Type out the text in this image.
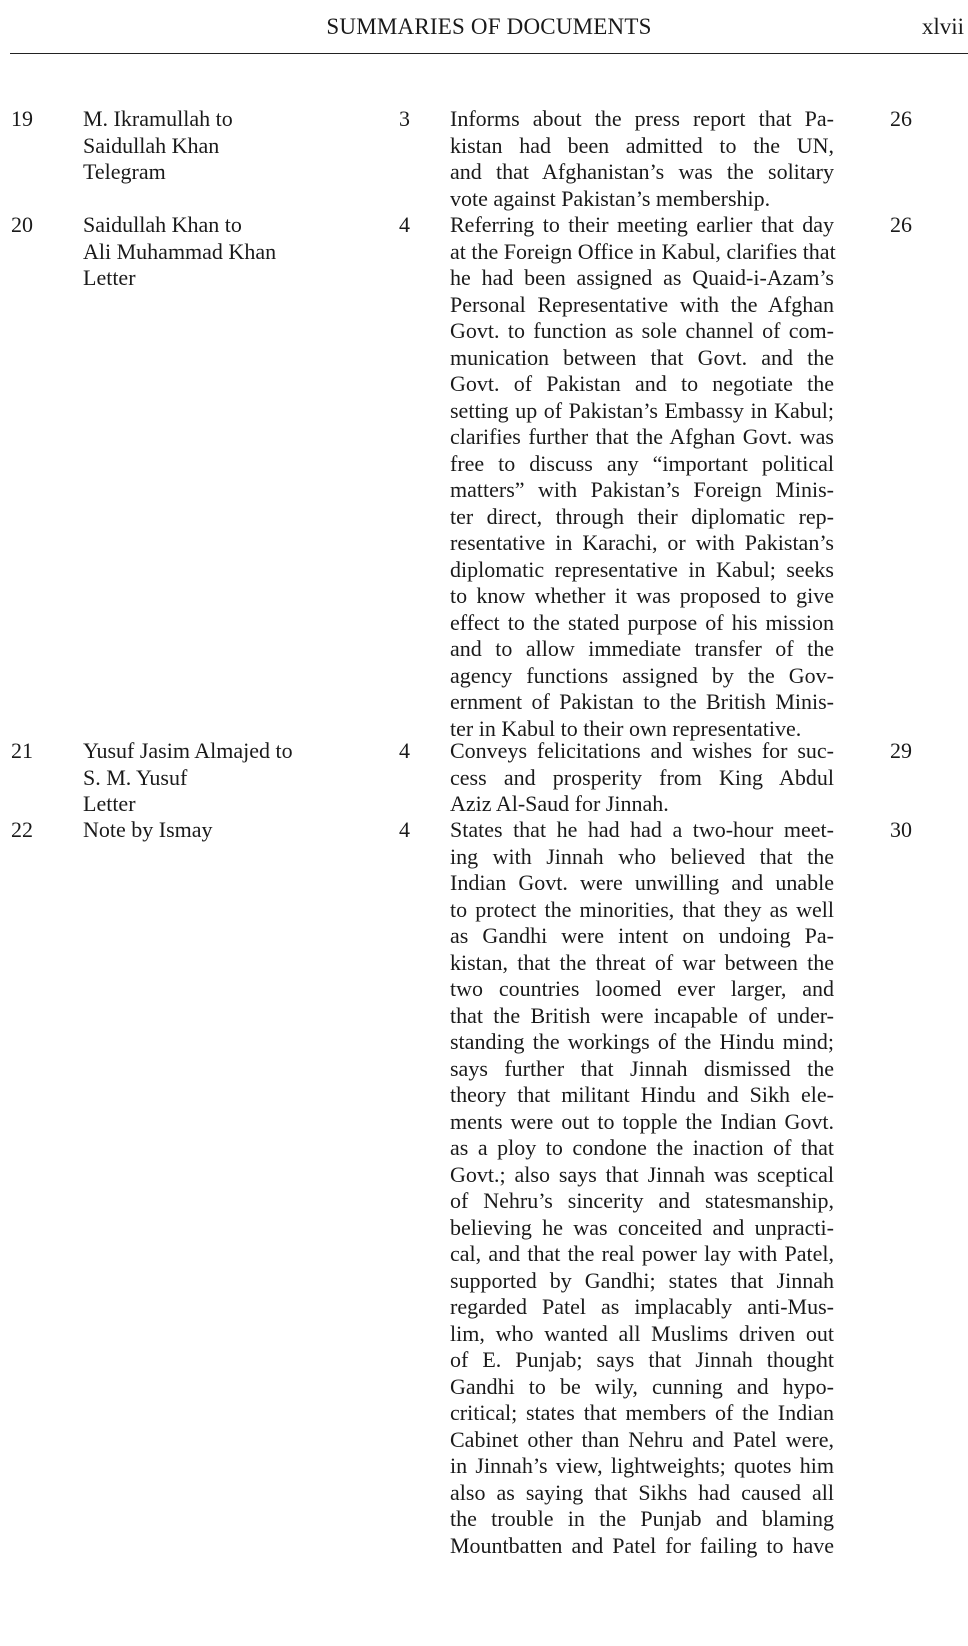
SUMMARIES OF DOCUMENTS	xlvii
19 M. Ikramullah to
Saidullah Khan
Telegram
3 Informs about the press report that Pa-
kistan had been admitted to the UN,
and that Afghanistan’s was the solitary
vote against Pakistan’s membership.
26
20 Saidullah Khan to
Ali Muhammad Khan
Letter
4 Referring to their meeting earlier that day
at the Foreign Office in Kabul, clarifies that
he had been assigned as Quaid-i-Azam’s
Personal Representative with the Afghan
Govt. to function as sole channel of com-
munication between that Govt. and the
Govt. of Pakistan and to negotiate the
setting up of Pakistan’s Embassy in Kabul;
clarifies further that the Afghan Govt. was
free to discuss any “important political
matters” with Pakistan’s Foreign Minis-
ter direct, through their diplomatic rep-
resentative in Karachi, or with Pakistan’s
diplomatic representative in Kabul; seeks
to know whether it was proposed to give
effect to the stated purpose of his mission
and to allow immediate transfer of the
agency functions assigned by the Gov-
ernment of Pakistan to the British Minis-
ter in Kabul to their own representative.
26
21 Yusuf Jasim Almajed to
S. M. Yusuf
Letter
4 Conveys felicitations and wishes for suc-
cess and prosperity from King Abdul
Aziz Al-Saud for Jinnah.
29
22 Note by Ismay	4 States that he had had a two-hour meet-
ing with Jinnah who believed that the
Indian Govt. were unwilling and unable
to protect the minorities, that they as well
as Gandhi were intent on undoing Pa-
kistan, that the threat of war between the
two countries loomed ever larger, and
that the British were incapable of under-
standing the workings of the Hindu mind;
says further that Jinnah dismissed the
theory that militant Hindu and Sikh ele-
ments were out to topple the Indian Govt.
as a ploy to condone the inaction of that
Govt.; also says that Jinnah was sceptical
of Nehru’s sincerity and statesmanship,
believing he was conceited and unpracti-
cal, and that the real power lay with Patel,
supported by Gandhi; states that Jinnah
regarded Patel as implacably anti-Mus-
lim, who wanted all Muslims driven out
of E. Punjab; says that Jinnah thought
Gandhi to be wily, cunning and hypo-
critical; states that members of the Indian
Cabinet other than Nehru and Patel were,
in Jinnah’s view, lightweights; quotes him
also as saying that Sikhs had caused all
the trouble in the Punjab and blaming
Mountbatten and Patel for failing to have
30
